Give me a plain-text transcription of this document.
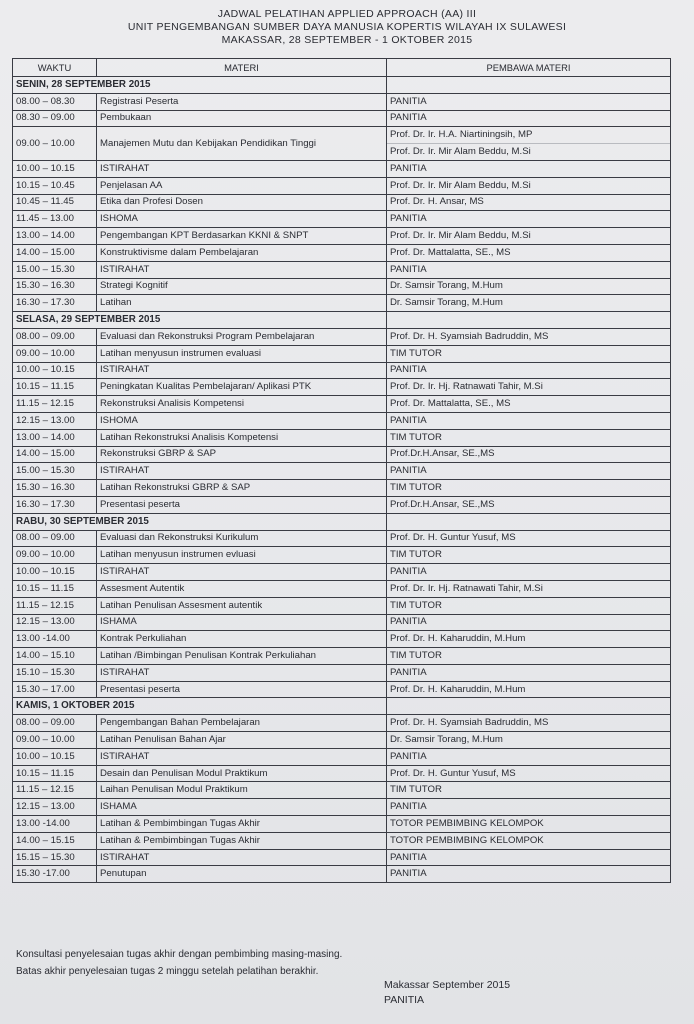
JADWAL PELATIHAN APPLIED APPROACH (AA) III
UNIT PENGEMBANGAN SUMBER DAYA MANUSIA KOPERTIS WILAYAH IX SULAWESI
MAKASSAR, 28 SEPTEMBER - 1 OKTOBER 2015
WAKTU	MATERI	PEMBAWA MATERI
SENIN, 28 SEPTEMBER 2015		
08.00 – 08.30	Registrasi Peserta	PANITIA
08.30 – 09.00	Pembukaan	PANITIA
09.00 – 10.00	Manajemen Mutu dan Kebijakan Pendidikan Tinggi	Prof. Dr. Ir. H.A. Niartiningsih, MP
Prof. Dr. Ir. Mir Alam Beddu, M.Si

10.00 – 10.15	ISTIRAHAT	PANITIA
10.15 – 10.45	Penjelasan AA	Prof. Dr. Ir. Mir Alam Beddu, M.Si
10.45 – 11.45	Etika dan Profesi Dosen	Prof. Dr. H. Ansar, MS
11.45 – 13.00	ISHOMA	PANITIA
13.00 – 14.00	Pengembangan KPT Berdasarkan KKNI & SNPT	Prof. Dr. Ir. Mir Alam Beddu, M.Si
14.00 – 15.00	Konstruktivisme dalam Pembelajaran	Prof. Dr. Mattalatta, SE., MS
15.00 – 15.30	ISTIRAHAT	PANITIA
15.30 – 16.30	Strategi Kognitif	Dr. Samsir Torang, M.Hum
16.30 – 17.30	Latihan	Dr. Samsir Torang, M.Hum
SELASA, 29 SEPTEMBER 2015		
08.00 – 09.00	Evaluasi dan Rekonstruksi Program Pembelajaran	Prof. Dr. H. Syamsiah Badruddin, MS
09.00 – 10.00	Latihan menyusun instrumen evaluasi	TIM TUTOR
10.00 – 10.15	ISTIRAHAT	PANITIA
10.15 – 11.15	Peningkatan Kualitas Pembelajaran/ Aplikasi PTK	Prof. Dr. Ir. Hj. Ratnawati Tahir, M.Si
11.15 – 12.15	Rekonstruksi Analisis Kompetensi	Prof. Dr. Mattalatta, SE., MS
12.15 – 13.00	ISHOMA	PANITIA
13.00 – 14.00	Latihan Rekonstruksi Analisis Kompetensi	TIM TUTOR
14.00 – 15.00	Rekonstruksi GBRP & SAP	Prof.Dr.H.Ansar, SE.,MS
15.00 – 15.30	ISTIRAHAT	PANITIA
15.30 – 16.30	Latihan Rekonstruksi GBRP & SAP	TIM TUTOR
16.30 – 17.30	Presentasi peserta	Prof.Dr.H.Ansar, SE.,MS
RABU, 30 SEPTEMBER 2015		
08.00 – 09.00	Evaluasi dan Rekonstruksi Kurikulum	Prof. Dr. H. Guntur Yusuf, MS
09.00 – 10.00	Latihan menyusun instrumen evluasi	TIM TUTOR
10.00 – 10.15	ISTIRAHAT	PANITIA
10.15 – 11.15	Assesment Autentik	Prof. Dr. Ir. Hj. Ratnawati Tahir, M.Si
11.15 – 12.15	Latihan Penulisan Assesment autentik	TIM TUTOR
12.15 – 13.00	ISHAMA	PANITIA
13.00 -14.00	Kontrak Perkuliahan	Prof. Dr. H. Kaharuddin, M.Hum
14.00 – 15.10	Latihan /Bimbingan Penulisan Kontrak Perkuliahan	TIM TUTOR
15.10 – 15.30	ISTIRAHAT	PANITIA
15.30 – 17.00	Presentasi peserta	Prof. Dr. H. Kaharuddin, M.Hum
KAMIS, 1 OKTOBER 2015		
08.00 – 09.00	Pengembangan Bahan Pembelajaran	Prof. Dr. H. Syamsiah Badruddin, MS
09.00 – 10.00	Latihan Penulisan Bahan Ajar	Dr. Samsir Torang, M.Hum
10.00 – 10.15	ISTIRAHAT	PANITIA
10.15 – 11.15	Desain dan Penulisan Modul Praktikum	Prof. Dr. H. Guntur Yusuf, MS
11.15 – 12.15	Laihan Penulisan Modul Praktikum	TIM TUTOR
12.15 – 13.00	ISHAMA	PANITIA
13.00 -14.00	Latihan & Pembimbingan Tugas Akhir	TOTOR PEMBIMBING KELOMPOK
14.00 – 15.15	Latihan & Pembimbingan Tugas Akhir	TOTOR PEMBIMBING KELOMPOK
15.15 – 15.30	ISTIRAHAT	PANITIA
15.30 -17.00	Penutupan	PANITIA
Konsultasi penyelesaian tugas akhir dengan pembimbing masing-masing.
Batas akhir penyelesaian tugas 2 minggu setelah pelatihan berakhir.
Makassar September 2015
PANITIA
